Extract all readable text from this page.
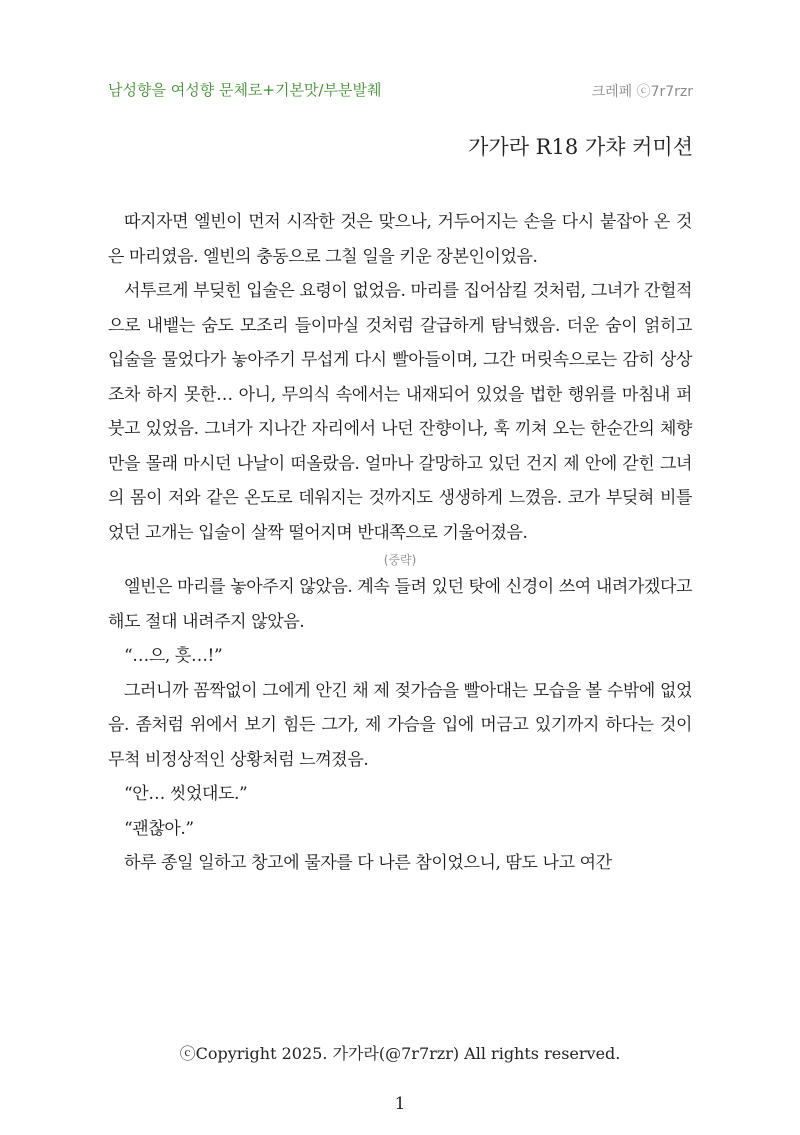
남성향을 여성향 문체로+기본맛/부분발췌	크레페 ⓒ7r7rzr
가가라 R18 가챠 커미션

따지자면 엘빈이 먼저 시작한 것은 맞으나, 거두어지는 손을 다시 붙잡아 온 것은 마리였음. 엘빈의 충동으로 그칠 일을 키운 장본인이었음.

서투르게 부딪힌 입술은 요령이 없었음. 마리를 집어삼킬 것처럼, 그녀가 간헐적으로 내뱉는 숨도 모조리 들이마실 것처럼 갈급하게 탐닉했음. 더운 숨이 얽히고 입술을 물었다가 놓아주기 무섭게 다시 빨아들이며, 그간 머릿속으로는 감히 상상조차 하지 못한… 아니, 무의식 속에서는 내재되어 있었을 법한 행위를 마침내 퍼붓고 있었음. 그녀가 지나간 자리에서 나던 잔향이나, 훅 끼쳐 오는 한순간의 체향만을 몰래 마시던 나날이 떠올랐음. 얼마나 갈망하고 있던 건지 제 안에 갇힌 그녀의 몸이 저와 같은 온도로 데워지는 것까지도 생생하게 느꼈음. 코가 부딪혀 비틀었던 고개는 입술이 살짝 떨어지며 반대쪽으로 기울어졌음.

(중략)

엘빈은 마리를 놓아주지 않았음. 계속 들려 있던 탓에 신경이 쓰여 내려가겠다고 해도 절대 내려주지 않았음.

“…으, 흣…!”

그러니까 꼼짝없이 그에게 안긴 채 제 젖가슴을 빨아대는 모습을 볼 수밖에 없었음. 좀처럼 위에서 보기 힘든 그가, 제 가슴을 입에 머금고 있기까지 하다는 것이 무척 비정상적인 상황처럼 느껴졌음.

“안… 씻었대도.”

“괜찮아.”

하루 종일 일하고 창고에 물자를 다 나른 참이었으니, 땀도 나고 여간

ⓒCopyright 2025. 가가라(@7r7rzr) All rights reserved.
1
